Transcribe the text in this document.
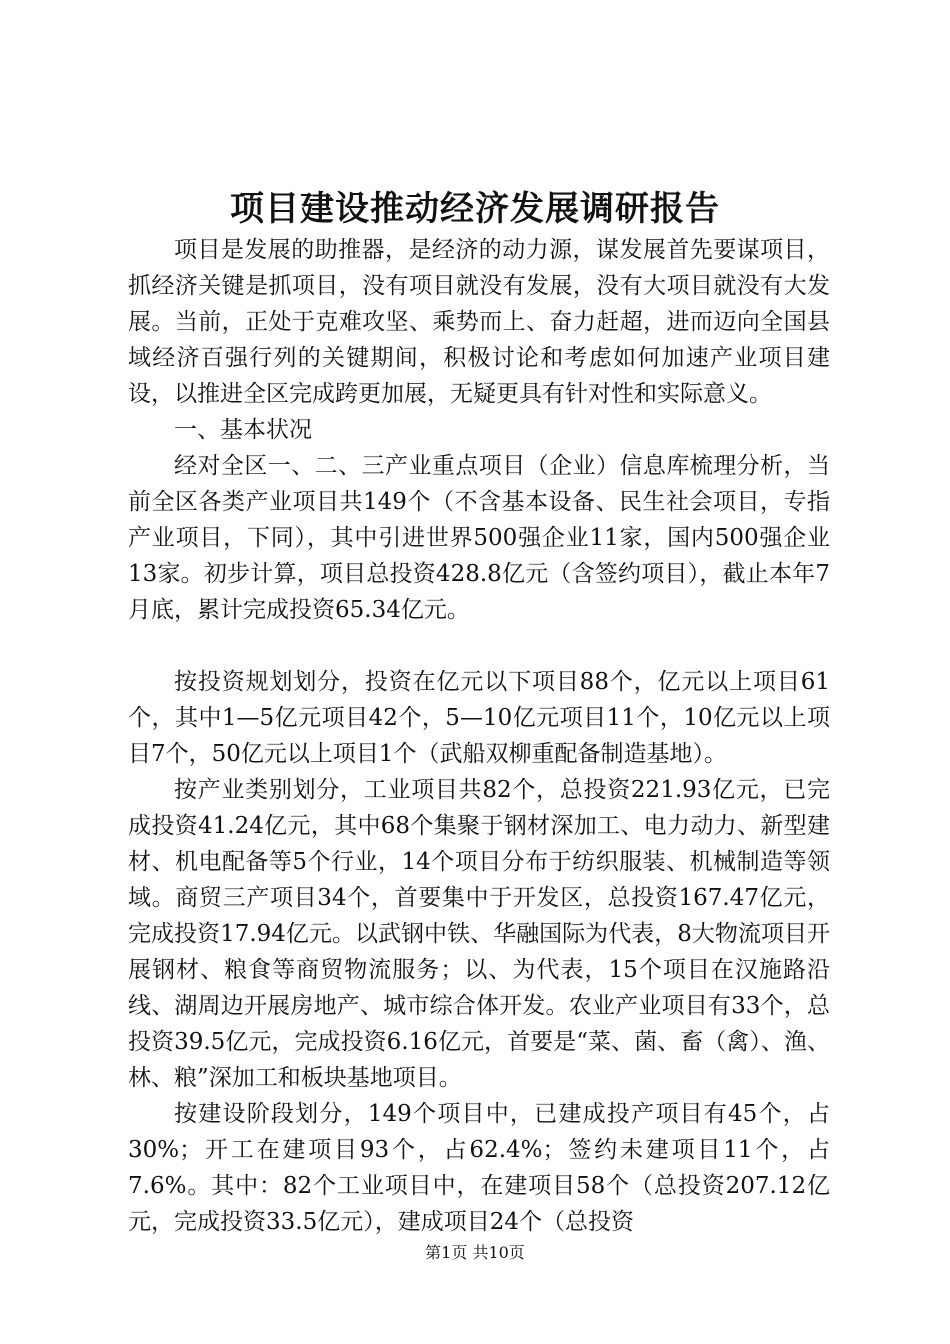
项目建设推动经济发展调研报告

项目是发展的助推器，是经济的动力源，谋发展首先要谋项目，抓经济关键是抓项目，没有项目就没有发展，没有大项目就没有大发展。当前，正处于克难攻坚、乘势而上、奋力赶超，进而迈向全国县域经济百强行列的关键期间，积极讨论和考虑如何加速产业项目建设，以推进全区完成跨更加展，无疑更具有针对性和实际意义。

一、基本状况

经对全区一、二、三产业重点项目（企业）信息库梳理分析，当前全区各类产业项目共149个（不含基本设备、民生社会项目，专指产业项目，下同），其中引进世界500强企业11家，国内500强企业13家。初步计算，项目总投资428.8亿元（含签约项目），截止本年7月底，累计完成投资65.34亿元。

按投资规划划分，投资在亿元以下项目88个，亿元以上项目61个，其中1—5亿元项目42个，5—10亿元项目11个，10亿元以上项目7个，50亿元以上项目1个（武船双柳重配备制造基地）。

按产业类别划分，工业项目共82个，总投资221.93亿元，已完成投资41.24亿元，其中68个集聚于钢材深加工、电力动力、新型建材、机电配备等5个行业，14个项目分布于纺织服装、机械制造等领域。商贸三产项目34个，首要集中于开发区，总投资167.47亿元，完成投资17.94亿元。以武钢中铁、华融国际为代表，8大物流项目开展钢材、粮食等商贸物流服务；以、为代表，15个项目在汉施路沿线、湖周边开展房地产、城市综合体开发。农业产业项目有33个，总投资39.5亿元，完成投资6.16亿元，首要是“菜、菌、畜（禽）、渔、林、粮”深加工和板块基地项目。

按建设阶段划分，149个项目中，已建成投产项目有45个，占30%；开工在建项目93个，占62.4%；签约未建项目11个，占7.6%。其中：82个工业项目中，在建项目58个（总投资207.12亿元，完成投资33.5亿元），建成项目24个（总投资

第1页 共10页
